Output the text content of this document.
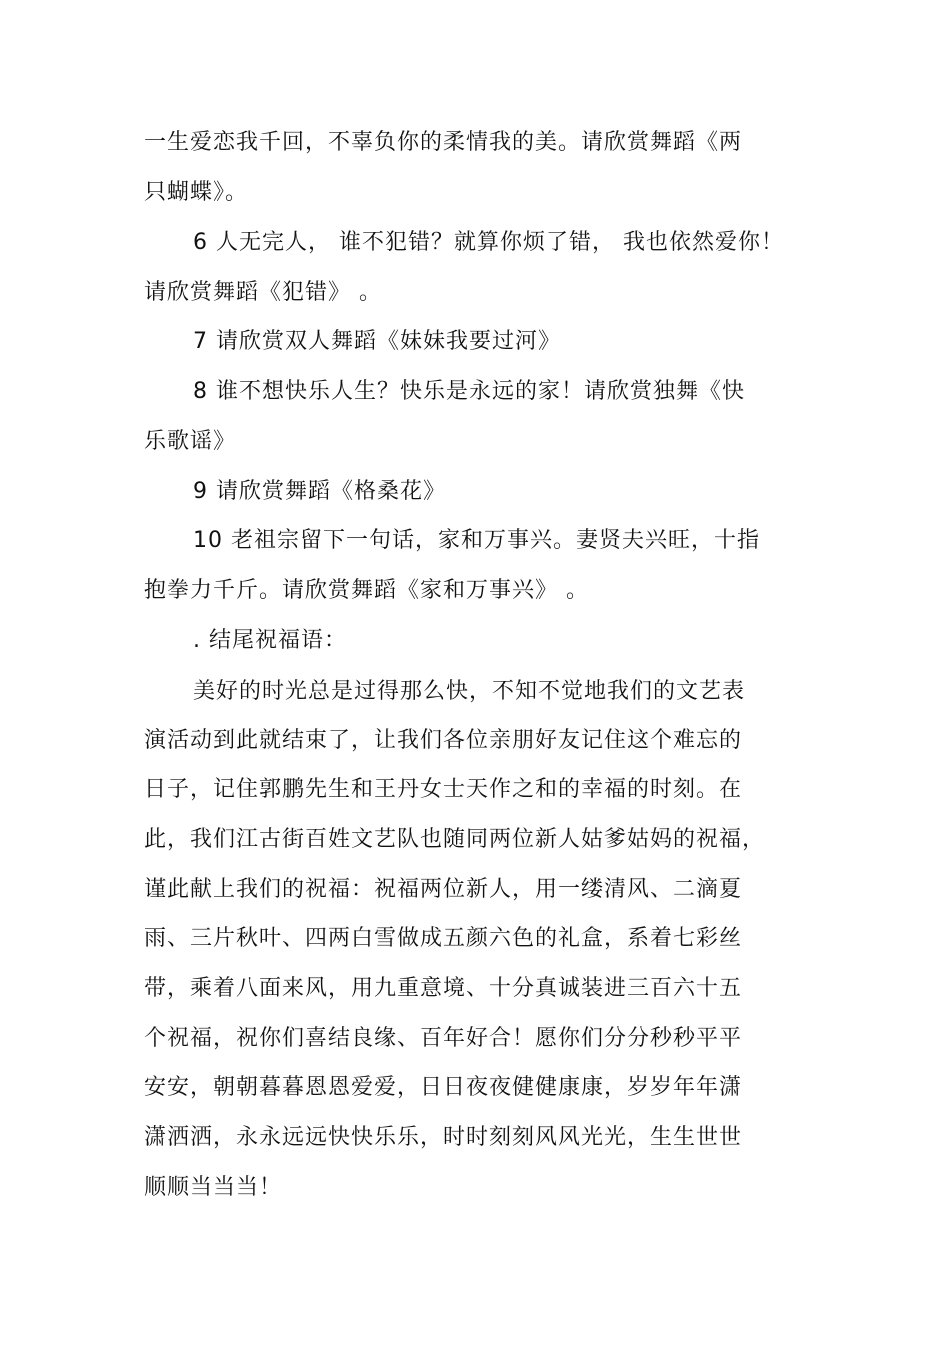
一生爱恋我千回，不辜负你的柔情我的美。请欣赏舞蹈《两
只蝴蝶》。
6 人无完人， 谁不犯错？就算你烦了错， 我也依然爱你！
请欣赏舞蹈《犯错》 。
7 请欣赏双人舞蹈《妹妹我要过河》
8 谁不想快乐人生？快乐是永远的家！请欣赏独舞《快
乐歌谣》
9 请欣赏舞蹈《格桑花》
10 老祖宗留下一句话，家和万事兴。妻贤夫兴旺，十指
抱拳力千斤。请欣赏舞蹈《家和万事兴》 。
. 结尾祝福语：
美好的时光总是过得那么快，不知不觉地我们的文艺表
演活动到此就结束了，让我们各位亲朋好友记住这个难忘的
日子，记住郭鹏先生和王丹女士天作之和的幸福的时刻。在
此，我们江古街百姓文艺队也随同两位新人姑爹姑妈的祝福，
谨此献上我们的祝福：祝福两位新人，用一缕清风、二滴夏
雨、三片秋叶、四两白雪做成五颜六色的礼盒，系着七彩丝
带，乘着八面来风，用九重意境、十分真诚装进三百六十五
个祝福，祝你们喜结良缘、百年好合！愿你们分分秒秒平平
安安，朝朝暮暮恩恩爱爱，日日夜夜健健康康，岁岁年年潇
潇洒洒，永永远远快快乐乐，时时刻刻风风光光，生生世世
顺顺当当当！
